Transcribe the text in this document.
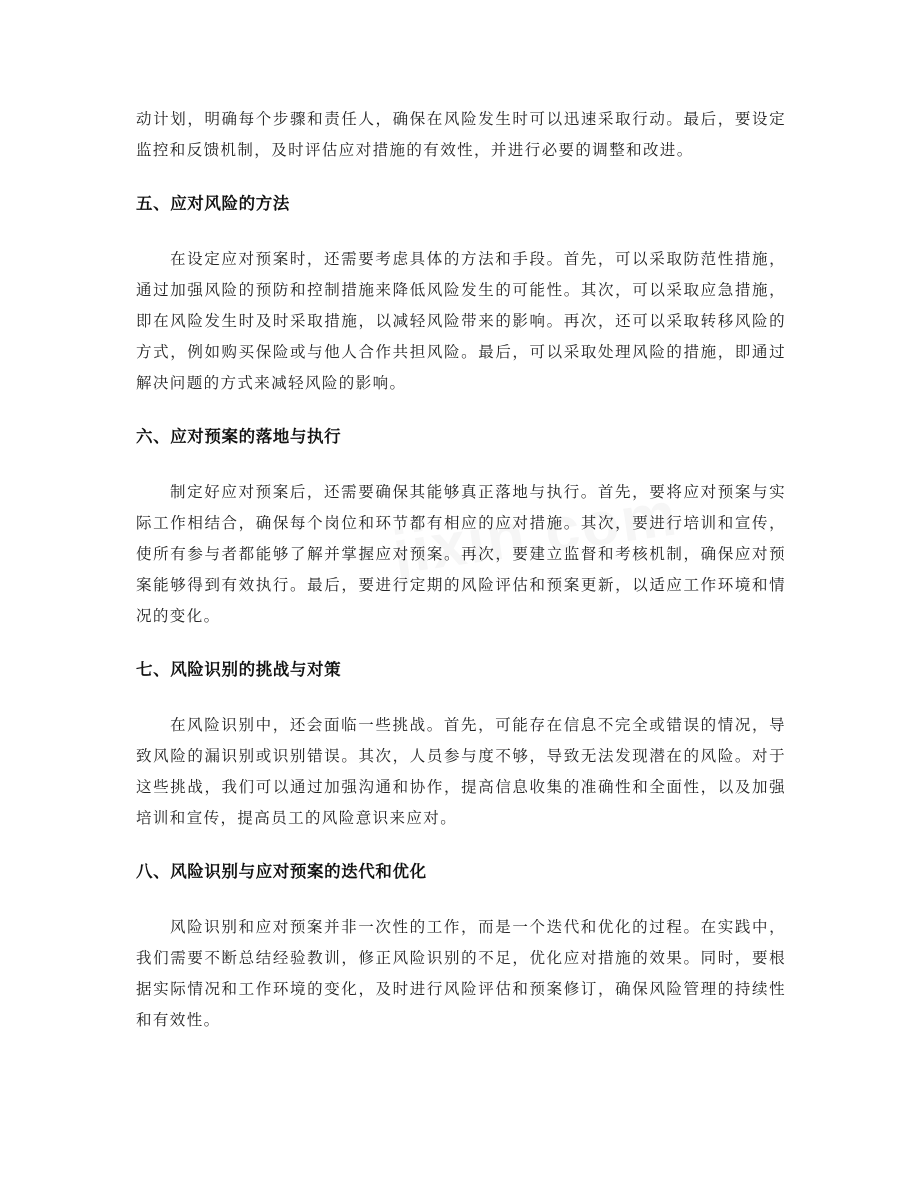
动计划，明确每个步骤和责任人，确保在风险发生时可以迅速采取行动。最后，要设定监控和反馈机制，及时评估应对措施的有效性，并进行必要的调整和改进。

五、应对风险的方法

在设定应对预案时，还需要考虑具体的方法和手段。首先，可以采取防范性措施，通过加强风险的预防和控制措施来降低风险发生的可能性。其次，可以采取应急措施，即在风险发生时及时采取措施，以减轻风险带来的影响。再次，还可以采取转移风险的方式，例如购买保险或与他人合作共担风险。最后，可以采取处理风险的措施，即通过解决问题的方式来减轻风险的影响。

六、应对预案的落地与执行

制定好应对预案后，还需要确保其能够真正落地与执行。首先，要将应对预案与实际工作相结合，确保每个岗位和环节都有相应的应对措施。其次，要进行培训和宣传，使所有参与者都能够了解并掌握应对预案。再次，要建立监督和考核机制，确保应对预案能够得到有效执行。最后，要进行定期的风险评估和预案更新，以适应工作环境和情况的变化。

七、风险识别的挑战与对策

在风险识别中，还会面临一些挑战。首先，可能存在信息不完全或错误的情况，导致风险的漏识别或识别错误。其次，人员参与度不够，导致无法发现潜在的风险。对于这些挑战，我们可以通过加强沟通和协作，提高信息收集的准确性和全面性，以及加强培训和宣传，提高员工的风险意识来应对。

八、风险识别与应对预案的迭代和优化

风险识别和应对预案并非一次性的工作，而是一个迭代和优化的过程。在实践中，我们需要不断总结经验教训，修正风险识别的不足，优化应对措施的效果。同时，要根据实际情况和工作环境的变化，及时进行风险评估和预案修订，确保风险管理的持续性和有效性。
